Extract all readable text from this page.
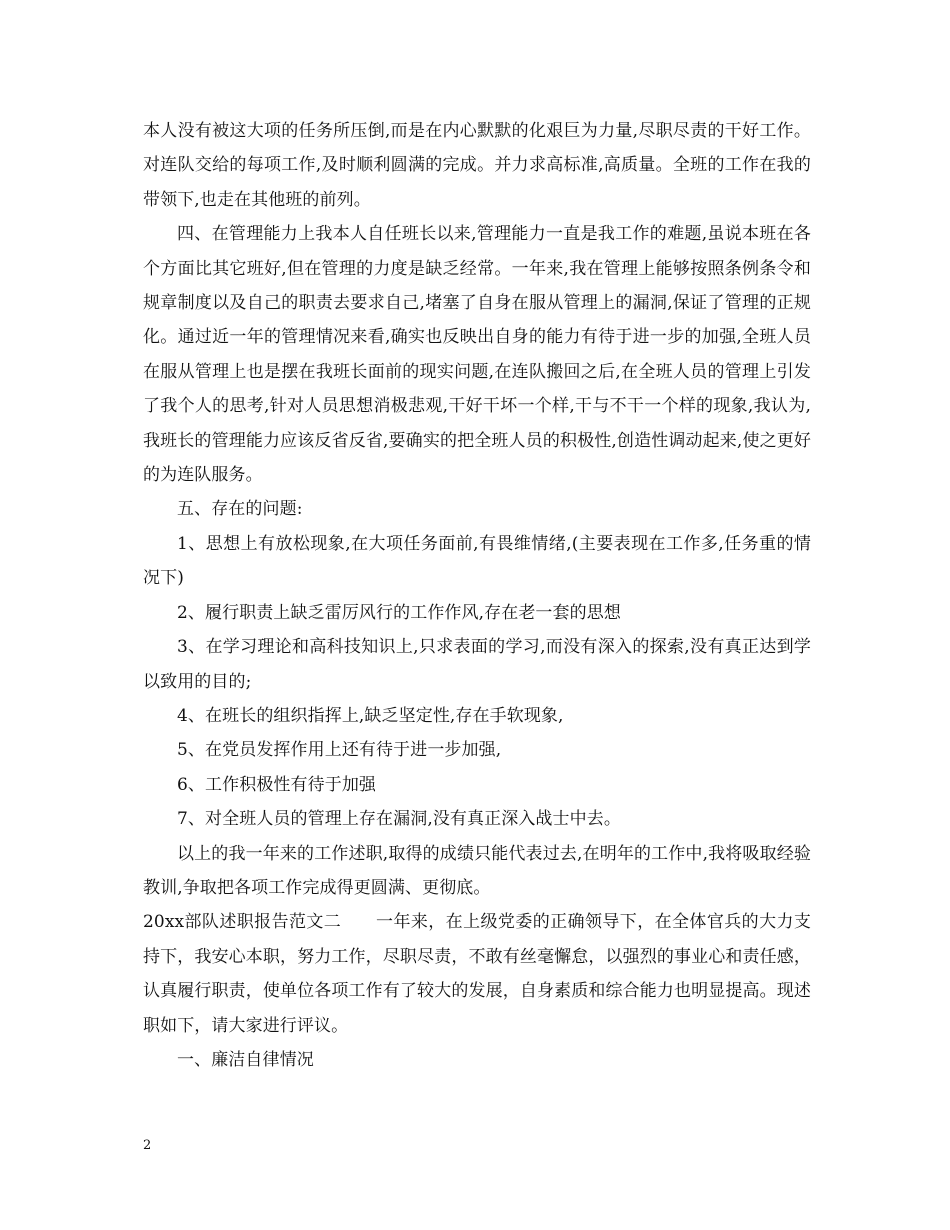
本人没有被这大项的任务所压倒,而是在内心默默的化艰巨为力量,尽职尽责的干好工作。对连队交给的每项工作,及时顺利圆满的完成。并力求高标准,高质量。全班的工作在我的带领下,也走在其他班的前列。

四、在管理能力上我本人自任班长以来,管理能力一直是我工作的难题,虽说本班在各个方面比其它班好,但在管理的力度是缺乏经常。一年来,我在管理上能够按照条例条令和规章制度以及自己的职责去要求自己,堵塞了自身在服从管理上的漏洞,保证了管理的正规化。通过近一年的管理情况来看,确实也反映出自身的能力有待于进一步的加强,全班人员在服从管理上也是摆在我班长面前的现实问题,在连队搬回之后,在全班人员的管理上引发了我个人的思考,针对人员思想消极悲观,干好干坏一个样,干与不干一个样的现象,我认为,我班长的管理能力应该反省反省,要确实的把全班人员的积极性,创造性调动起来,使之更好的为连队服务。

五、存在的问题:

1、思想上有放松现象,在大项任务面前,有畏维情绪,(主要表现在工作多,任务重的情况下)

2、履行职责上缺乏雷厉风行的工作作风,存在老一套的思想

3、在学习理论和高科技知识上,只求表面的学习,而没有深入的探索,没有真正达到学以致用的目的;

4、在班长的组织指挥上,缺乏坚定性,存在手软现象,

5、在党员发挥作用上还有待于进一步加强,

6、工作积极性有待于加强

7、对全班人员的管理上存在漏洞,没有真正深入战士中去。

以上的我一年来的工作述职,取得的成绩只能代表过去,在明年的工作中,我将吸取经验教训,争取把各项工作完成得更圆满、更彻底。

20xx部队述职报告范文二　　一年来，在上级党委的正确领导下，在全体官兵的大力支持下，我安心本职，努力工作，尽职尽责，不敢有丝毫懈怠，以强烈的事业心和责任感，认真履行职责，使单位各项工作有了较大的发展，自身素质和综合能力也明显提高。现述职如下，请大家进行评议。

一、廉洁自律情况

2
